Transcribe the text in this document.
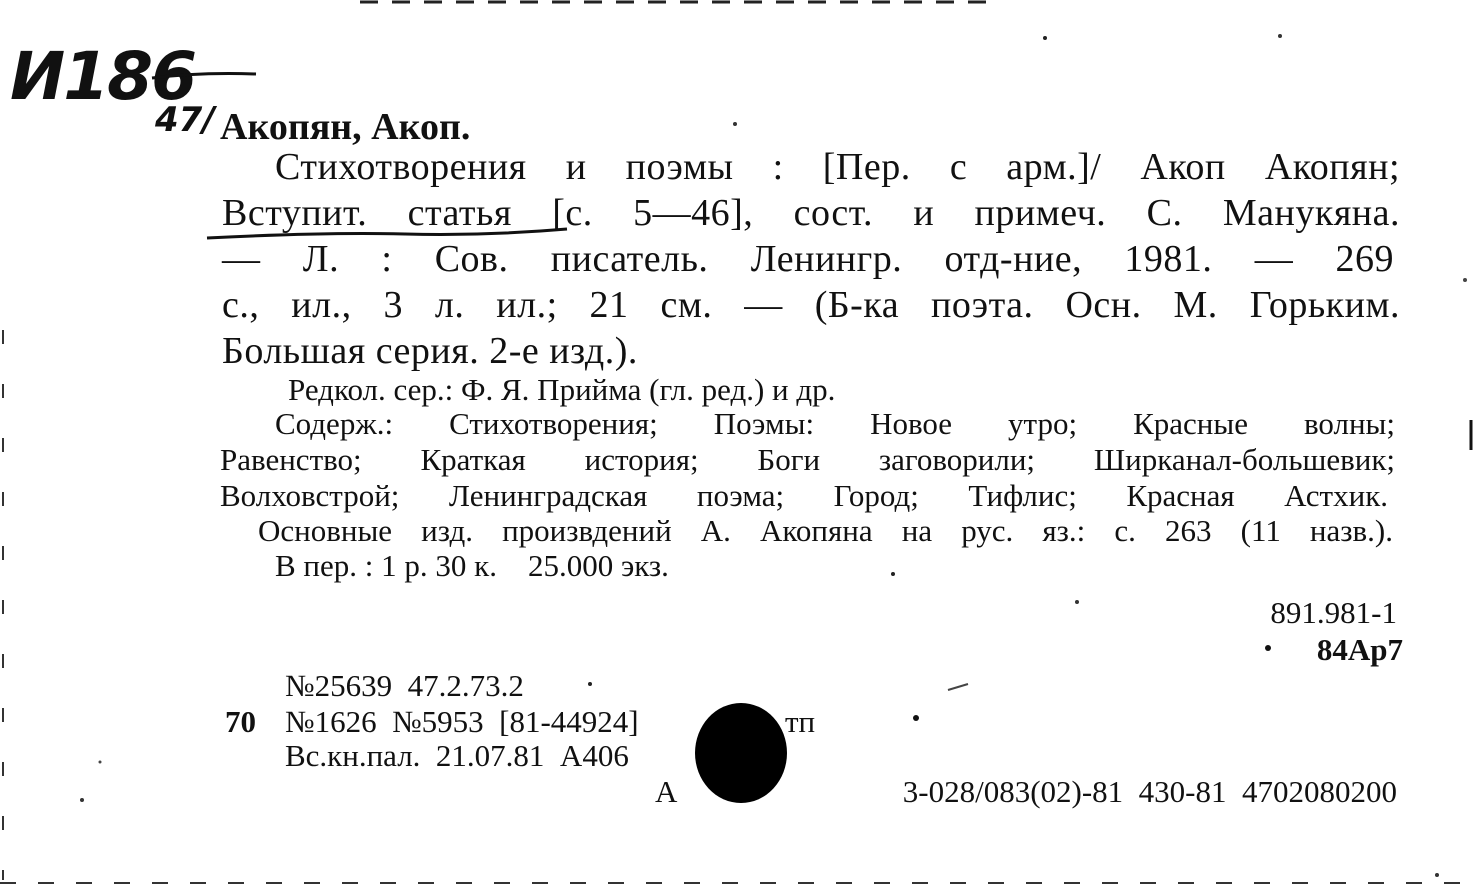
И186
47/ Акопян, Акоп.
Стихотворения и поэмы : [Пер. с арм.]/ Акоп Акопян;
Вступит. статья [с. 5—46], сост. и примеч. С. Манукяна.
— Л. : Сов. писатель. Ленингр. отд-ние, 1981. — 269
с., ил., 3 л. ил.; 21 см. — (Б-ка поэта. Осн. М. Горьким.
Большая серия. 2-е изд.).
Редкол. сер.: Ф. Я. Прийма (гл. ред.) и др.
Содерж.: Стихотворения; Поэмы: Новое утро; Красные волны;
Равенство; Краткая история; Боги заговорили; Ширканал-большевик;
Волховстрой; Ленинградская поэма; Город; Тифлис; Красная Астхик.
Основные изд. произвдений А. Акопяна на рус. яз.: с. 263 (11 назв.).
В пер. : 1 р. 30 к.    25.000 экз.
891.981-1
84Ар7
№25639  47.2.73.2
70 №1626  №5953  [81-44924]	тп
Вс.кн.пал.  21.07.81  А406
А	3-028/083(02)-81  430-81  4702080200
